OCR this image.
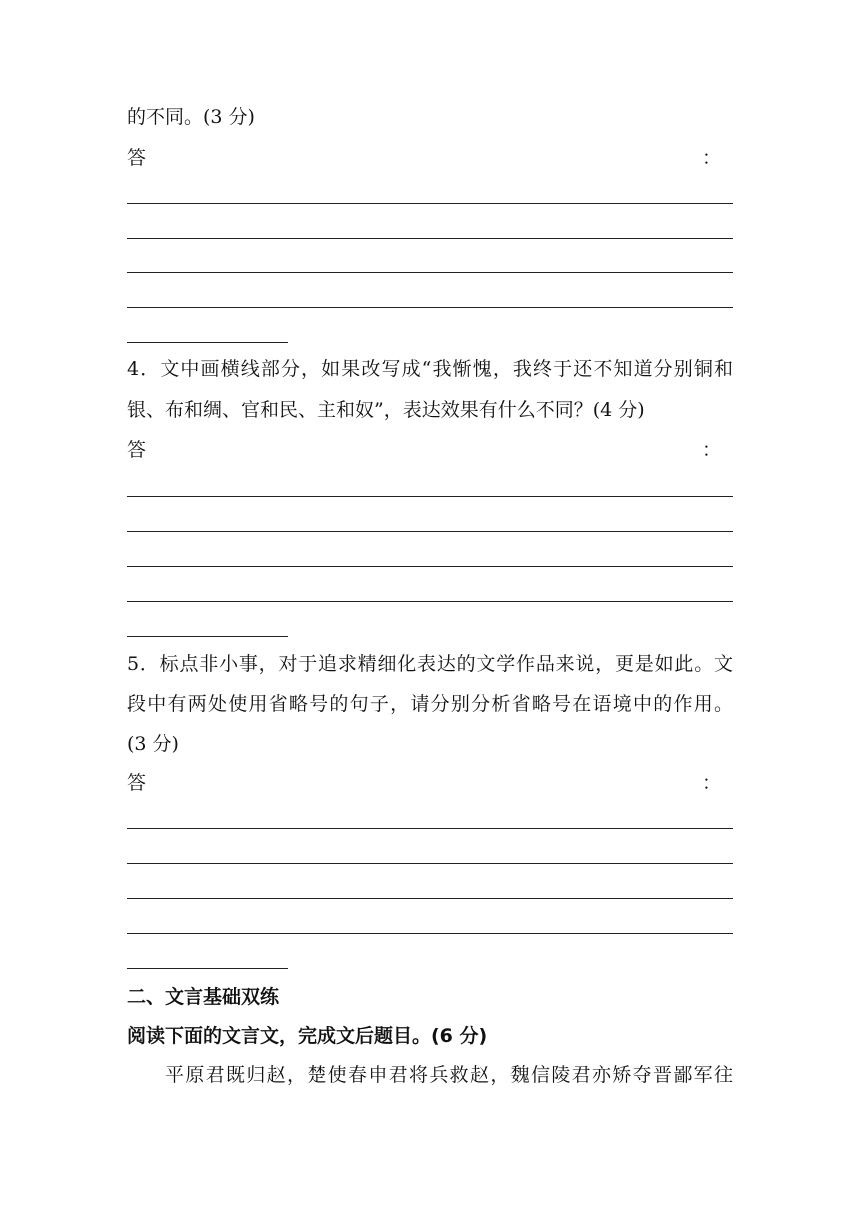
的不同。(3 分)
答	：
4．文中画横线部分，如果改写成“我惭愧，我终于还不知道分别铜和
银、布和绸、官和民、主和奴”，表达效果有什么不同？(4 分)
答	：
5．标点非小事，对于追求精细化表达的文学作品来说，更是如此。文
段中有两处使用省略号的句子，请分别分析省略号在语境中的作用。
(3 分)
答	：
二、文言基础双练
阅读下面的文言文，完成文后题目。(6 分)
平原君既归赵，楚使春申君将兵救赵，魏信陵君亦矫夺晋鄙军往
